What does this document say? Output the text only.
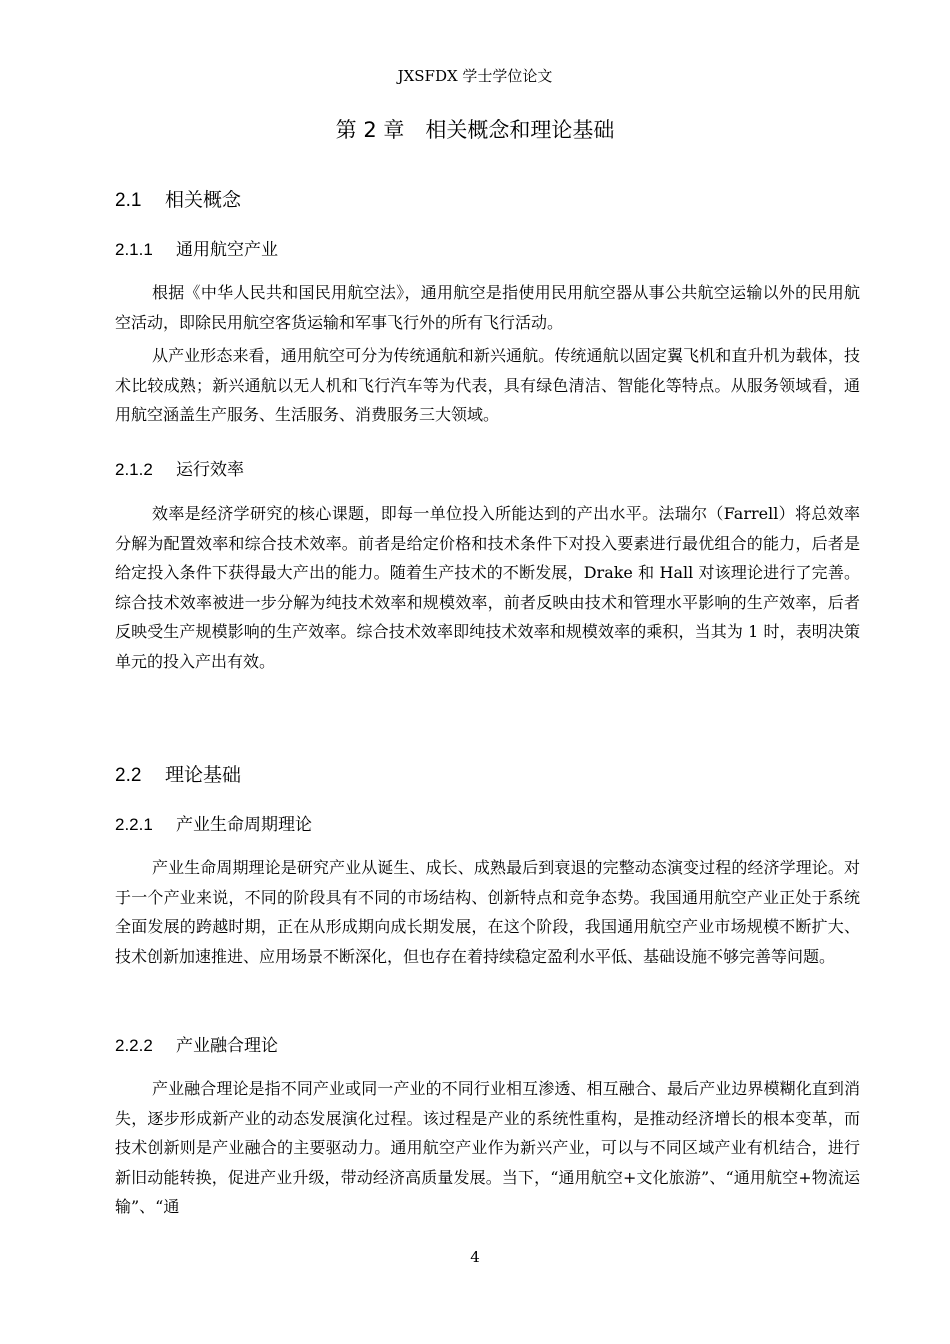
JXSFDX 学士学位论文
第 2 章　相关概念和理论基础
2.1 相关概念
2.1.1 通用航空产业

根据《中华人民共和国民用航空法》，通用航空是指使用民用航空器从事公共航空运输以外的民用航空活动，即除民用航空客货运输和军事飞行外的所有飞行活动。

从产业形态来看，通用航空可分为传统通航和新兴通航。传统通航以固定翼飞机和直升机为载体，技术比较成熟；新兴通航以无人机和飞行汽车等为代表，具有绿色清洁、智能化等特点。从服务领域看，通用航空涵盖生产服务、生活服务、消费服务三大领域。

2.1.2 运行效率

效率是经济学研究的核心课题，即每一单位投入所能达到的产出水平。法瑞尔（Farrell）将总效率分解为配置效率和综合技术效率。前者是给定价格和技术条件下对投入要素进行最优组合的能力，后者是给定投入条件下获得最大产出的能力。随着生产技术的不断发展，Drake 和 Hall 对该理论进行了完善。综合技术效率被进一步分解为纯技术效率和规模效率，前者反映由技术和管理水平影响的生产效率，后者反映受生产规模影响的生产效率。综合技术效率即纯技术效率和规模效率的乘积，当其为 1 时，表明决策单元的投入产出有效。

2.2 理论基础
2.2.1 产业生命周期理论

产业生命周期理论是研究产业从诞生、成长、成熟最后到衰退的完整动态演变过程的经济学理论。对于一个产业来说，不同的阶段具有不同的市场结构、创新特点和竞争态势。我国通用航空产业正处于系统全面发展的跨越时期，正在从形成期向成长期发展，在这个阶段，我国通用航空产业市场规模不断扩大、技术创新加速推进、应用场景不断深化，但也存在着持续稳定盈利水平低、基础设施不够完善等问题。

2.2.2 产业融合理论

产业融合理论是指不同产业或同一产业的不同行业相互渗透、相互融合、最后产业边界模糊化直到消失，逐步形成新产业的动态发展演化过程。该过程是产业的系统性重构，是推动经济增长的根本变革，而技术创新则是产业融合的主要驱动力。通用航空产业作为新兴产业，可以与不同区域产业有机结合，进行新旧动能转换，促进产业升级，带动经济高质量发展。当下，“通用航空+文化旅游”、“通用航空+物流运输”、“通

4
